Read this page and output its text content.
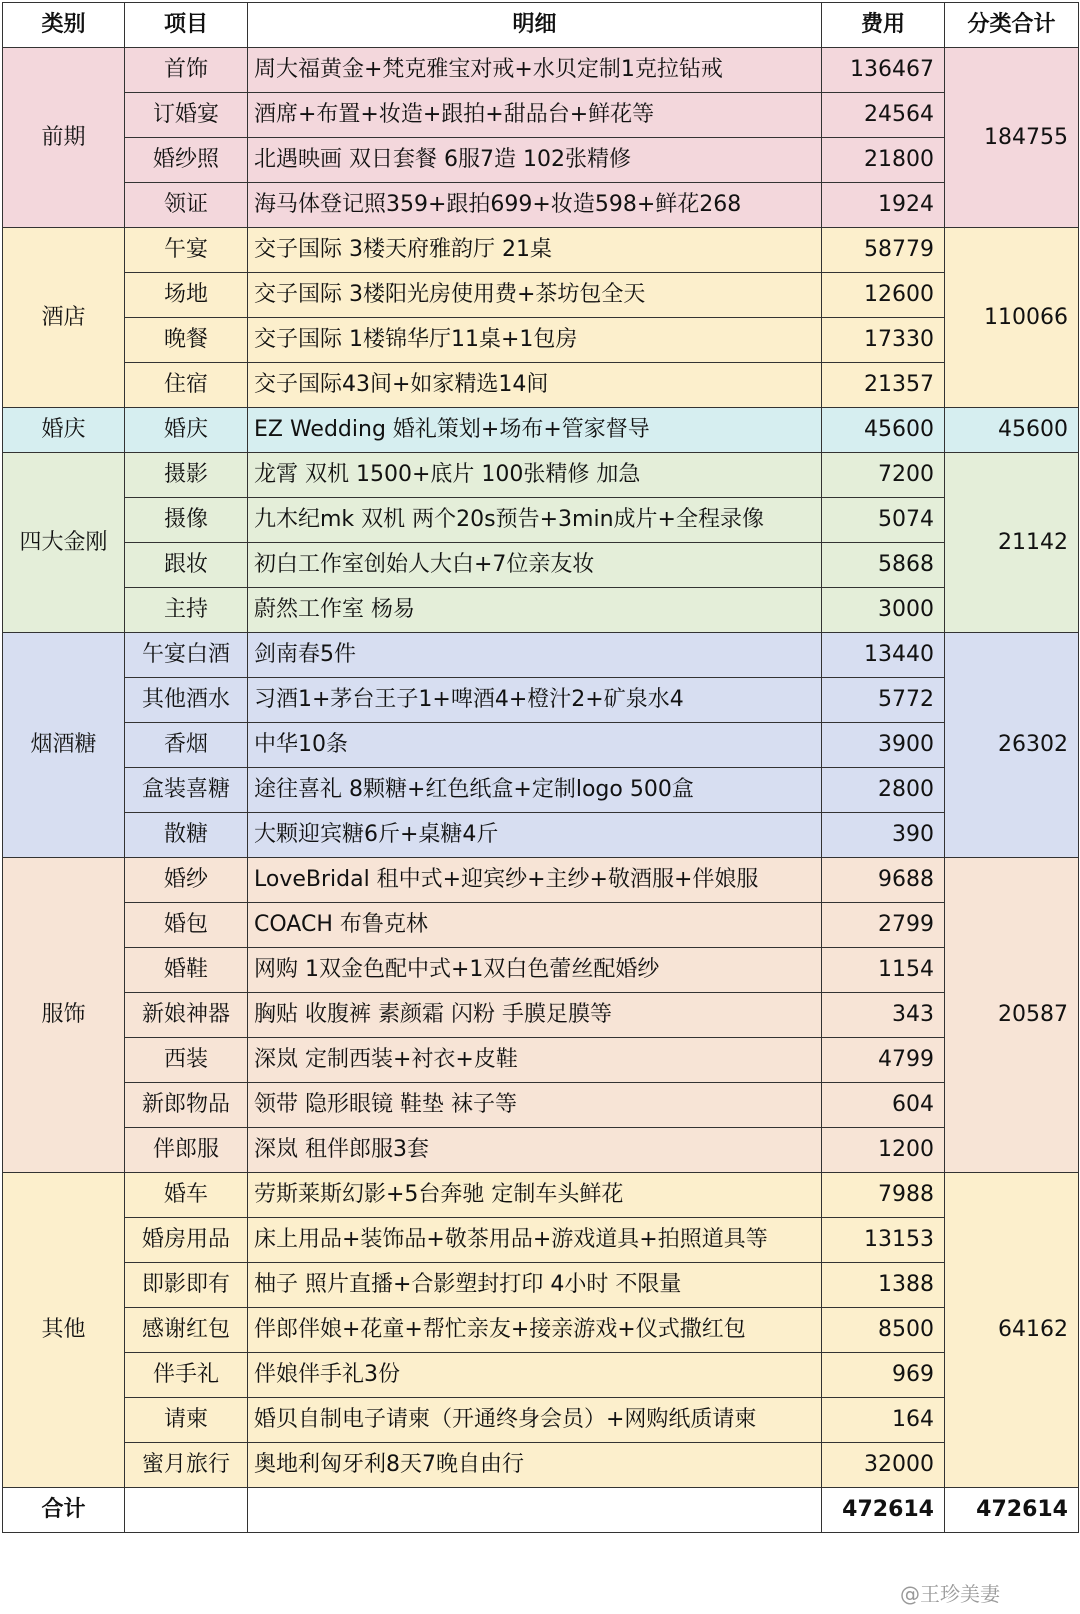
类别	项目	明细	费用	分类合计
前期	首饰	周大福黄金+梵克雅宝对戒+水贝定制1克拉钻戒	136467	184755
	订婚宴	酒席+布置+妆造+跟拍+甜品台+鲜花等	24564	
	婚纱照	北遇映画 双日套餐 6服7造 102张精修	21800	
	领证	海马体登记照359+跟拍699+妆造598+鲜花268	1924	
酒店	午宴	交子国际 3楼天府雅韵厅 21桌	58779	110066
	场地	交子国际 3楼阳光房使用费+茶坊包全天	12600	
	晚餐	交子国际 1楼锦华厅11桌+1包房	17330	
	住宿	交子国际43间+如家精选14间	21357	
婚庆	婚庆	EZ Wedding 婚礼策划+场布+管家督导	45600	45600
四大金刚	摄影	龙霄 双机 1500+底片 100张精修 加急	7200	21142
	摄像	九木纪mk 双机 两个20s预告+3min成片+全程录像	5074	
	跟妆	初白工作室创始人大白+7位亲友妆	5868	
	主持	蔚然工作室 杨易	3000	
烟酒糖	午宴白酒	剑南春5件	13440	26302
	其他酒水	习酒1+茅台王子1+啤酒4+橙汁2+矿泉水4	5772	
	香烟	中华10条	3900	
	盒装喜糖	途往喜礼 8颗糖+红色纸盒+定制logo 500盒	2800	
	散糖	大颗迎宾糖6斤+桌糖4斤	390	
服饰	婚纱	LoveBridal 租中式+迎宾纱+主纱+敬酒服+伴娘服	9688	20587
	婚包	COACH 布鲁克林	2799	
	婚鞋	网购 1双金色配中式+1双白色蕾丝配婚纱	1154	
	新娘神器	胸贴 收腹裤 素颜霜 闪粉 手膜足膜等	343	
	西装	深岚 定制西装+衬衣+皮鞋	4799	
	新郎物品	领带 隐形眼镜 鞋垫 袜子等	604	
	伴郎服	深岚 租伴郎服3套	1200	
其他	婚车	劳斯莱斯幻影+5台奔驰 定制车头鲜花	7988	64162
	婚房用品	床上用品+装饰品+敬茶用品+游戏道具+拍照道具等	13153	
	即影即有	柚子 照片直播+合影塑封打印 4小时 不限量	1388	
	感谢红包	伴郎伴娘+花童+帮忙亲友+接亲游戏+仪式撒红包	8500	
	伴手礼	伴娘伴手礼3份	969	
	请柬	婚贝自制电子请柬（开通终身会员）+网购纸质请柬	164	
	蜜月旅行	奥地利匈牙利8天7晚自由行	32000	
合计			472614	472614
@王珍美妻
